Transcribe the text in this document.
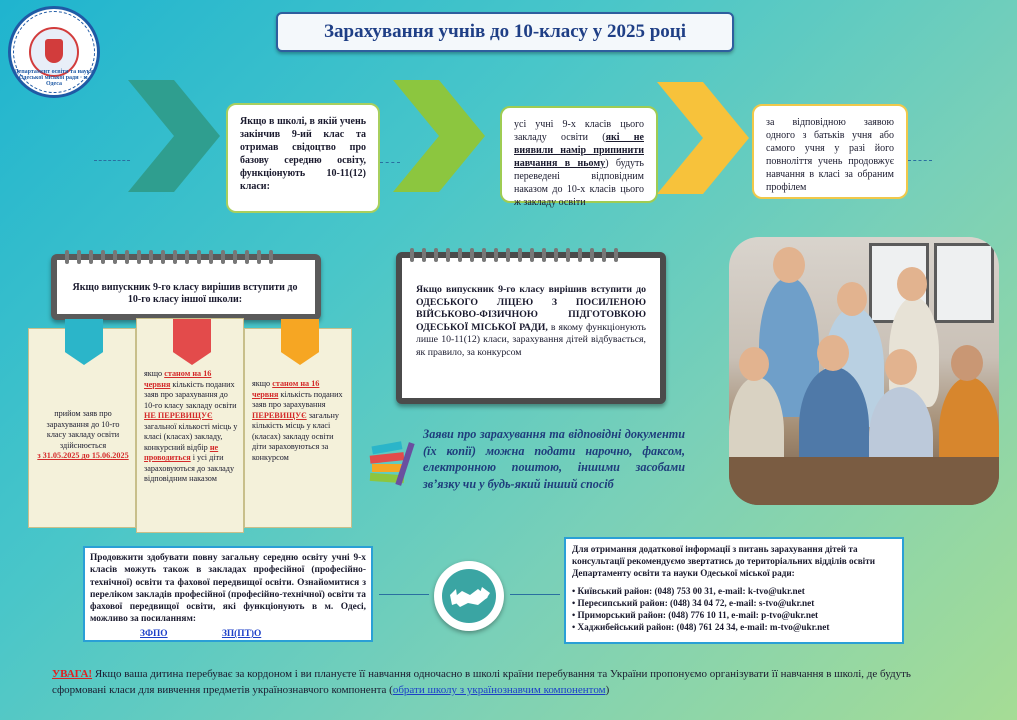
Департамент освіти та науки Одеської міської ради · м. Одеса
Зарахування учнів до 10-класу у 2025 році
Якщо в школі, в якій учень закінчив 9-ий клас та отримав свідоцтво про базову середню освіту, функціонують 10-11(12) класи:
усі учні 9-х класів цього закладу освіти (які не виявили намір припинити навчання в ньому) будуть переведені відповідним наказом до 10-х класів цього ж закладу освіти
за відповідною заявою одного з батьків учня або самого учня у разі його повноліття учень продовжує навчання в класі за обраним профілем
Якщо випускник 9-го класу вирішив вступити до 10-го класу іншої школи:
прийом заяв про зарахування до 10-го класу закладу освіти здійснюється
з 31.05.2025 до 15.06.2025
якщо станом на 16 червня кількість поданих заяв про зарахування до 10-го класу закладу освіти НЕ ПЕРЕВИЩУЄ загальної кількості місць у класі (класах) закладу, конкурсний відбір не проводиться і усі діти зараховуються до закладу відповідним наказом
якщо станом на 16 червня кількість поданих заяв про зарахування ПЕРЕВИЩУЄ загальну кількість місць у класі (класах) закладу освіти діти зараховуються за конкурсом
Якщо випускник 9-го класу вирішив вступити до ОДЕСЬКОГО ЛІЦЕЮ З ПОСИЛЕНОЮ ВІЙСЬКОВО-ФІЗИЧНОЮ ПІДГОТОВКОЮ ОДЕСЬКОЇ МІСЬКОЇ РАДИ, в якому функціонують лише 10-11(12) класи, зарахування дітей відбувається, як правило, за конкурсом
Заяви про зарахування та відповідні документи (їх копії) можна подати нарочно, факсом, електронною поштою, іншими засобами зв’язку чи у будь-який інший спосіб
Продовжити здобувати повну загальну середню освіту учні 9-х класів можуть також в закладах професійної (професійно-технічної) освіти та фахової передвищої освіти. Ознайомитися з переліком закладів професійної (професійно-технічної) освіти та фахової передвищої освіти, які функціонують в м. Одесі, можливо за посиланням:
ЗФПО	ЗП(ПТ)О
Для отримання додаткової інформації з питань зарахування дітей та консультації рекомендуємо звертатись до територіальних відділів освіти Департаменту освіти та науки Одеської міської ради:
• Київський район: (048) 753 00 31, e-mail: k-tvo@ukr.net
• Пересипський район: (048) 34 04 72, e-mail: s-tvo@ukr.net
• Приморський район: (048) 776 10 11, e-mail: p-tvo@ukr.net
• Хаджибейський район: (048) 761 24 34, e-mail: m-tvo@ukr.net
УВАГА! Якщо ваша дитина перебуває за кордоном і ви плануєте її навчання одночасно в школі країни перебування та України пропонуємо організувати її навчання в школі, де будуть сформовані класи для вивчення предметів українознавчого компонента (обрати школу з українознавчим компонентом)
